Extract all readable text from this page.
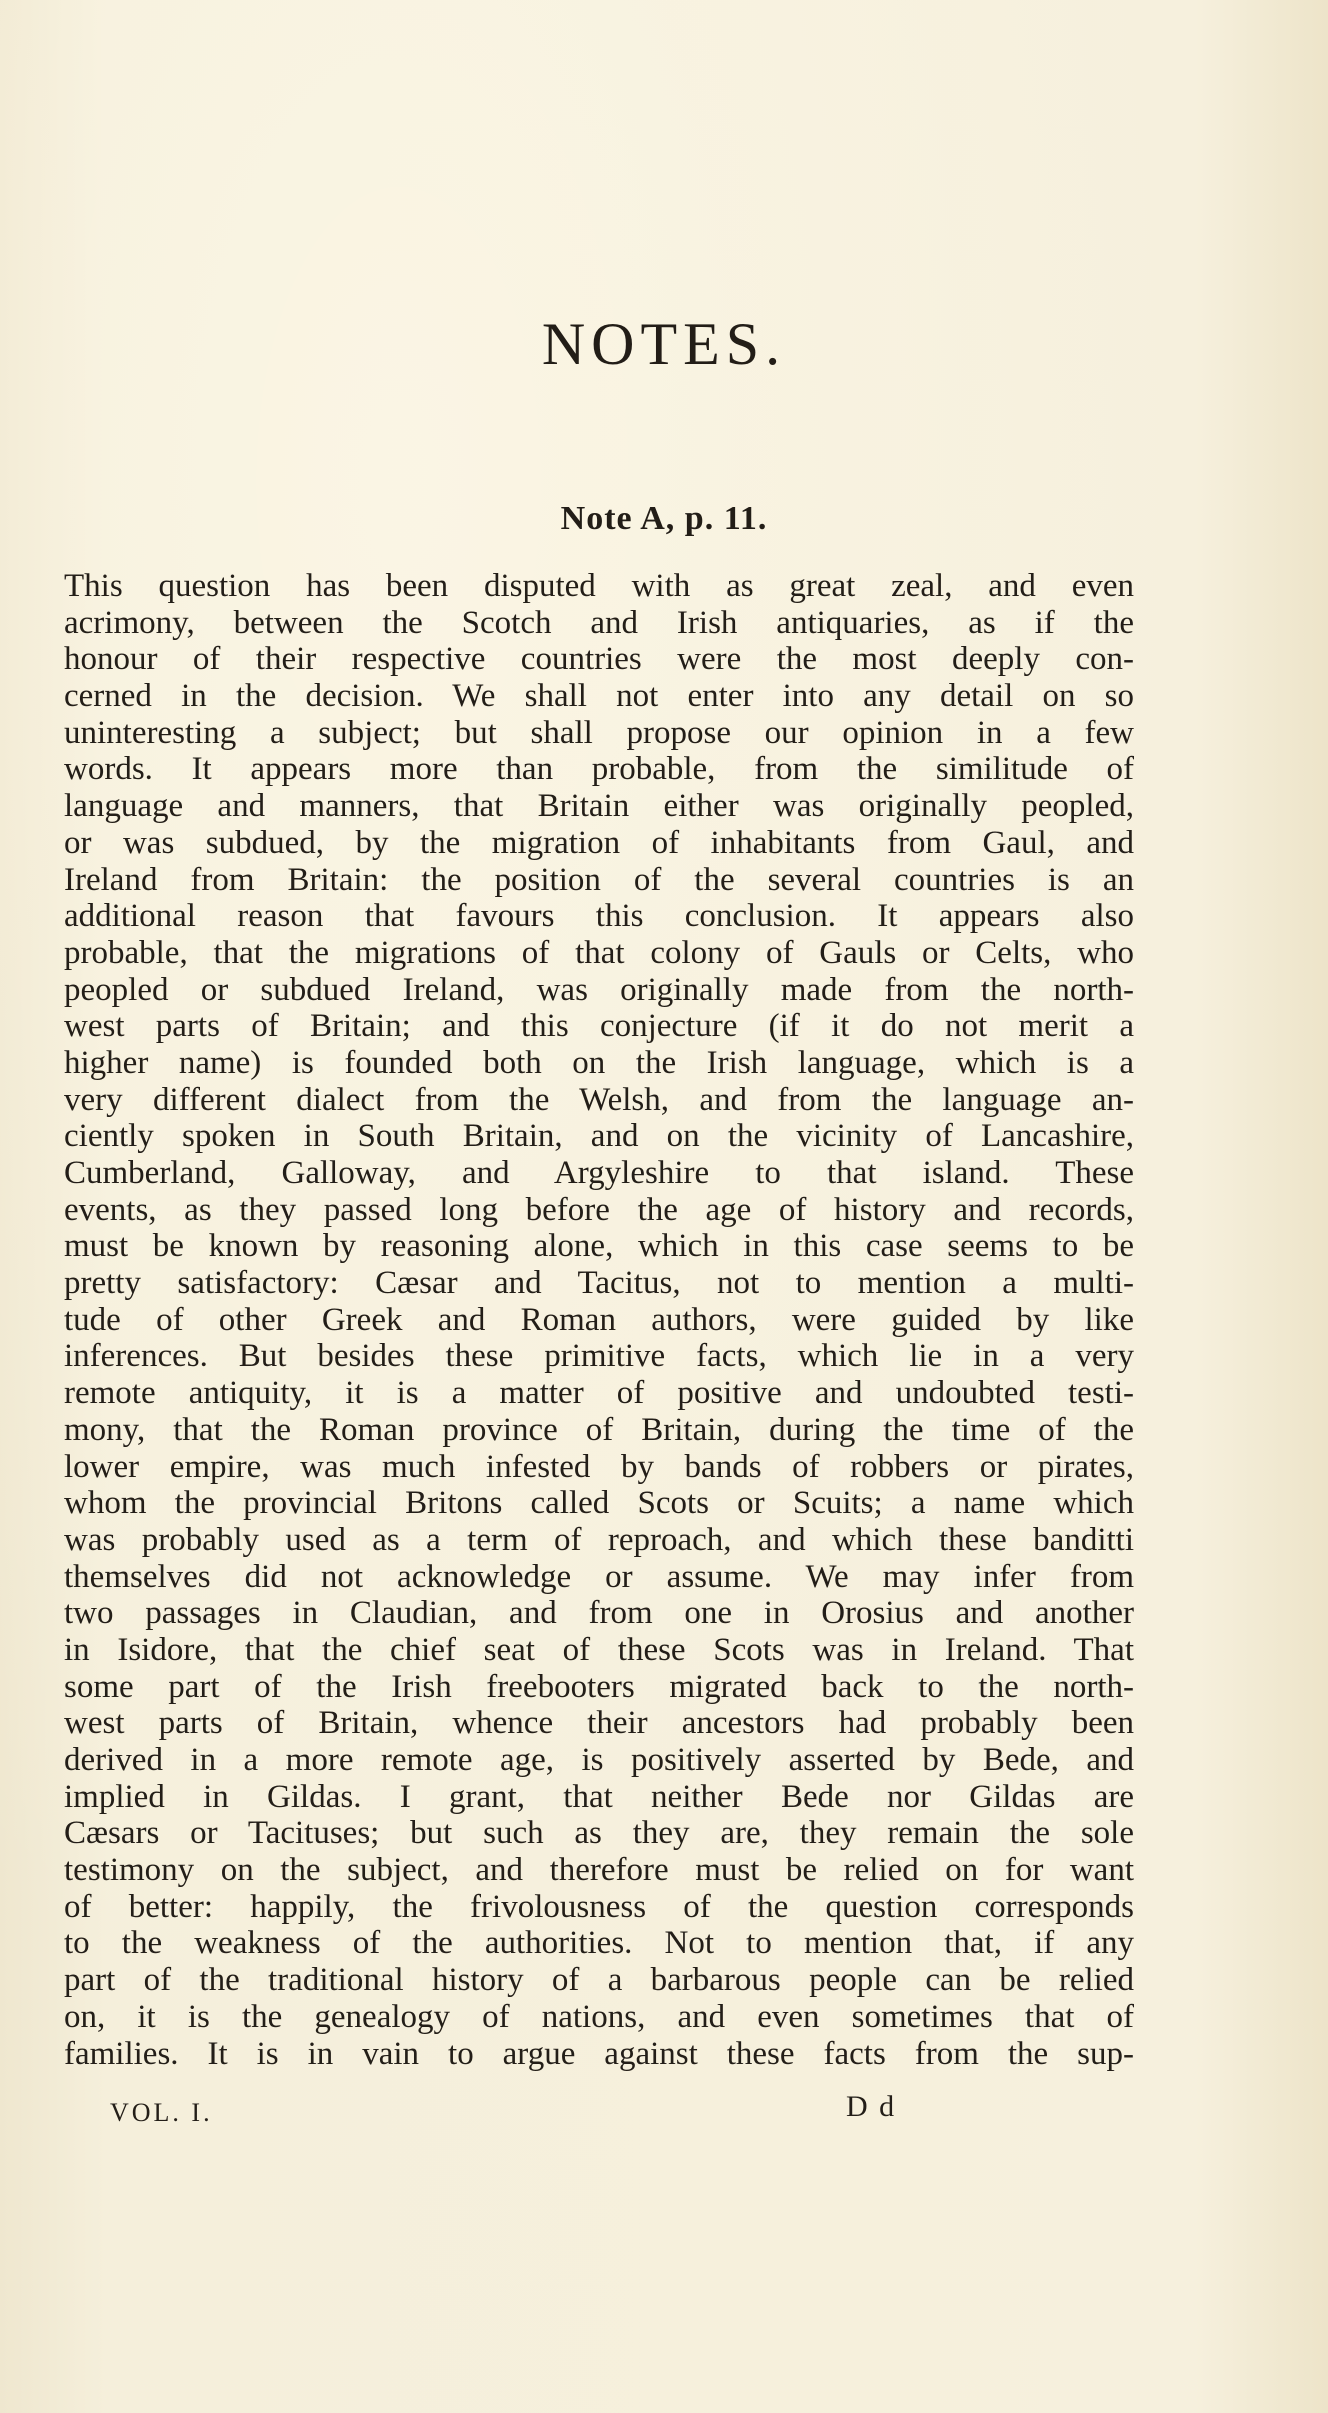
NOTES.
Note A, p. 11.
This question has been disputed with as great zeal, and even
acrimony, between the Scotch and Irish antiquaries, as if the
honour of their respective countries were the most deeply con-
cerned in the decision. We shall not enter into any detail on so
uninteresting a subject; but shall propose our opinion in a few
words. It appears more than probable, from the similitude of
language and manners, that Britain either was originally peopled,
or was subdued, by the migration of inhabitants from Gaul, and
Ireland from Britain: the position of the several countries is an
additional reason that favours this conclusion. It appears also
probable, that the migrations of that colony of Gauls or Celts, who
peopled or subdued Ireland, was originally made from the north-
west parts of Britain; and this conjecture (if it do not merit a
higher name) is founded both on the Irish language, which is a
very different dialect from the Welsh, and from the language an-
ciently spoken in South Britain, and on the vicinity of Lancashire,
Cumberland, Galloway, and Argyleshire to that island. These
events, as they passed long before the age of history and records,
must be known by reasoning alone, which in this case seems to be
pretty satisfactory: Cæsar and Tacitus, not to mention a multi-
tude of other Greek and Roman authors, were guided by like
inferences. But besides these primitive facts, which lie in a very
remote antiquity, it is a matter of positive and undoubted testi-
mony, that the Roman province of Britain, during the time of the
lower empire, was much infested by bands of robbers or pirates,
whom the provincial Britons called Scots or Scuits; a name which
was probably used as a term of reproach, and which these banditti
themselves did not acknowledge or assume. We may infer from
two passages in Claudian, and from one in Orosius and another
in Isidore, that the chief seat of these Scots was in Ireland. That
some part of the Irish freebooters migrated back to the north-
west parts of Britain, whence their ancestors had probably been
derived in a more remote age, is positively asserted by Bede, and
implied in Gildas. I grant, that neither Bede nor Gildas are
Cæsars or Tacituses; but such as they are, they remain the sole
testimony on the subject, and therefore must be relied on for want
of better: happily, the frivolousness of the question corresponds
to the weakness of the authorities. Not to mention that, if any
part of the traditional history of a barbarous people can be relied
on, it is the genealogy of nations, and even sometimes that of
families. It is in vain to argue against these facts from the sup-
VOL. I.	D d
